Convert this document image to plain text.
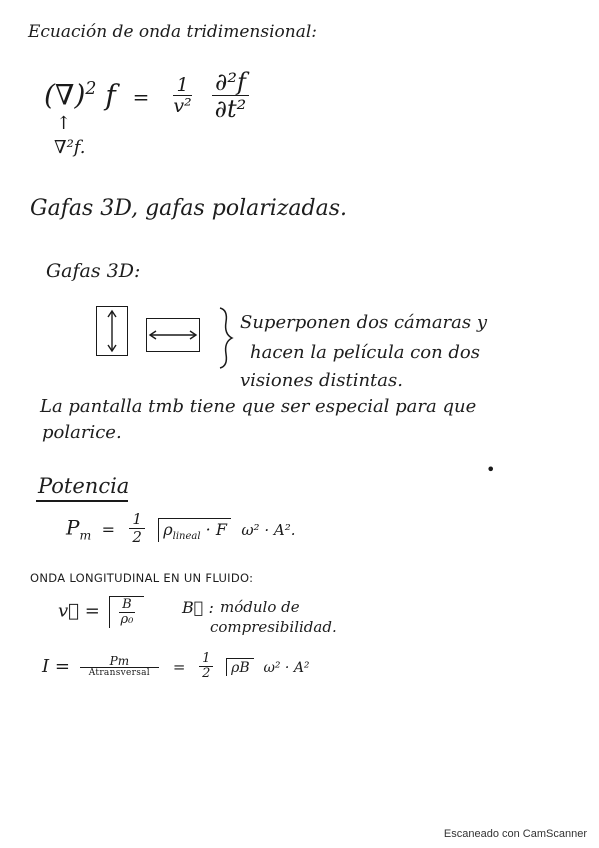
Ecuación de onda tridimensional:
(∇)$^2$ $f = \frac{1}{\text{v²}}$
$\frac{\text{∂²f}}{\text{∂t²}}$
↑
∇²f.
Gafas 3D, gafas polarizadas.
Gafas 3D:
Superponen dos cámaras y
hacen la película con dos
visiones distintas.
La pantalla tmb tiene que ser especial para que
polarice.
•
Potencia
$P_m = \frac{1}{2} \rho_{lineal} \cdot F$ ω² · A².
ONDA LONGITUDINAL EN UN FLUIDO:
v⃗ = $\frac{B}{\text{ρ₀}}$	B⃗ : módulo de
compresibilidad.
$I = \frac{Pm}{\text{Atransversal}} = \frac{1}{2}$ ρB ω² · A²
Escaneado con CamScanner
